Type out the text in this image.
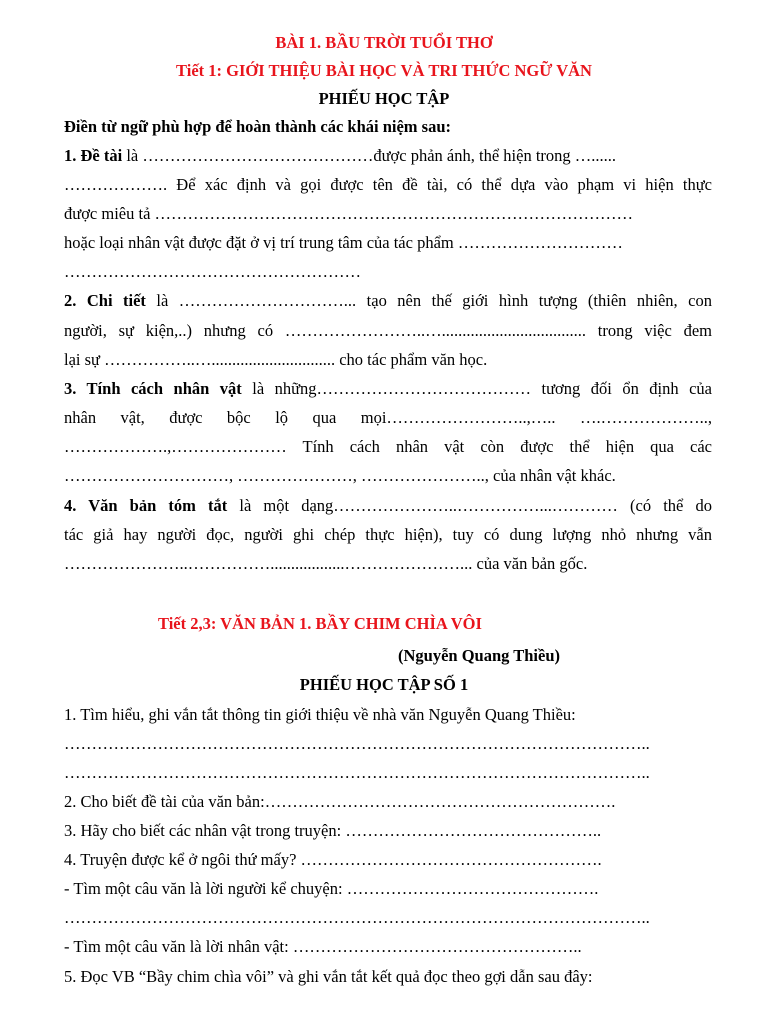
BÀI 1. BẦU TRỜI TUỔI THƠ
Tiết 1: GIỚI THIỆU BÀI HỌC VÀ TRI THỨC NGỮ VĂN
PHIẾU HỌC TẬP
Điền từ ngữ phù hợp để hoàn thành các khái niệm sau:
1. Đề tài là ……………………………………được phản ánh, thể hiện trong …......
………………. Để xác định và gọi được tên đề tài, có thể dựa vào phạm vi hiện thực
được miêu tả ……………………………………………………………………………
hoặc loại nhân vật được đặt ở vị trí trung tâm của tác phẩm …………………………
………………………………………………
2. Chi tiết là …………………………... tạo nên thế giới hình tượng (thiên nhiên, con
người, sự kiện,..) nhưng có ……………………..…................................... trong việc đem
lại sự ……………..….............................. cho tác phẩm văn học.
3. Tính cách nhân vật là những………………………………… tương đối ổn định của
nhân vật, được bộc lộ qua mọi……………………..,….. ….………………..,
……………….,………………… Tính cách nhân vật còn được thể hiện qua các
…………………………, …………………, ………………….., của nhân vật khác.
4. Văn bản tóm tắt là một dạng…………………..……………...………… (có thể do
tác giả hay người đọc, người ghi chép thực hiện), tuy có dung lượng nhỏ nhưng vẫn
…………………..……………..................…………………... của văn bản gốc.
Tiết 2,3: VĂN BẢN 1. BẦY CHIM CHÌA VÔI
(Nguyễn Quang Thiều)
PHIẾU HỌC TẬP SỐ 1
1. Tìm hiểu, ghi vắn tắt thông tin giới thiệu về nhà văn Nguyễn Quang Thiều:
……………………………………………………………………………………………..
……………………………………………………………………………………………..
2. Cho biết đề tài của văn bản:……………………………………………………….
3. Hãy cho biết các nhân vật trong truyện: ………………………………………..
4. Truyện được kể ở ngôi thứ mấy? ……………………………………………….
- Tìm một câu văn là lời người kể chuyện: ……………………………………….
……………………………………………………………………………………………..
- Tìm một câu văn là lời nhân vật: ……………………………………………..
5. Đọc VB “Bầy chim chìa vôi” và ghi vắn tắt kết quả đọc theo gợi dẫn sau đây:
